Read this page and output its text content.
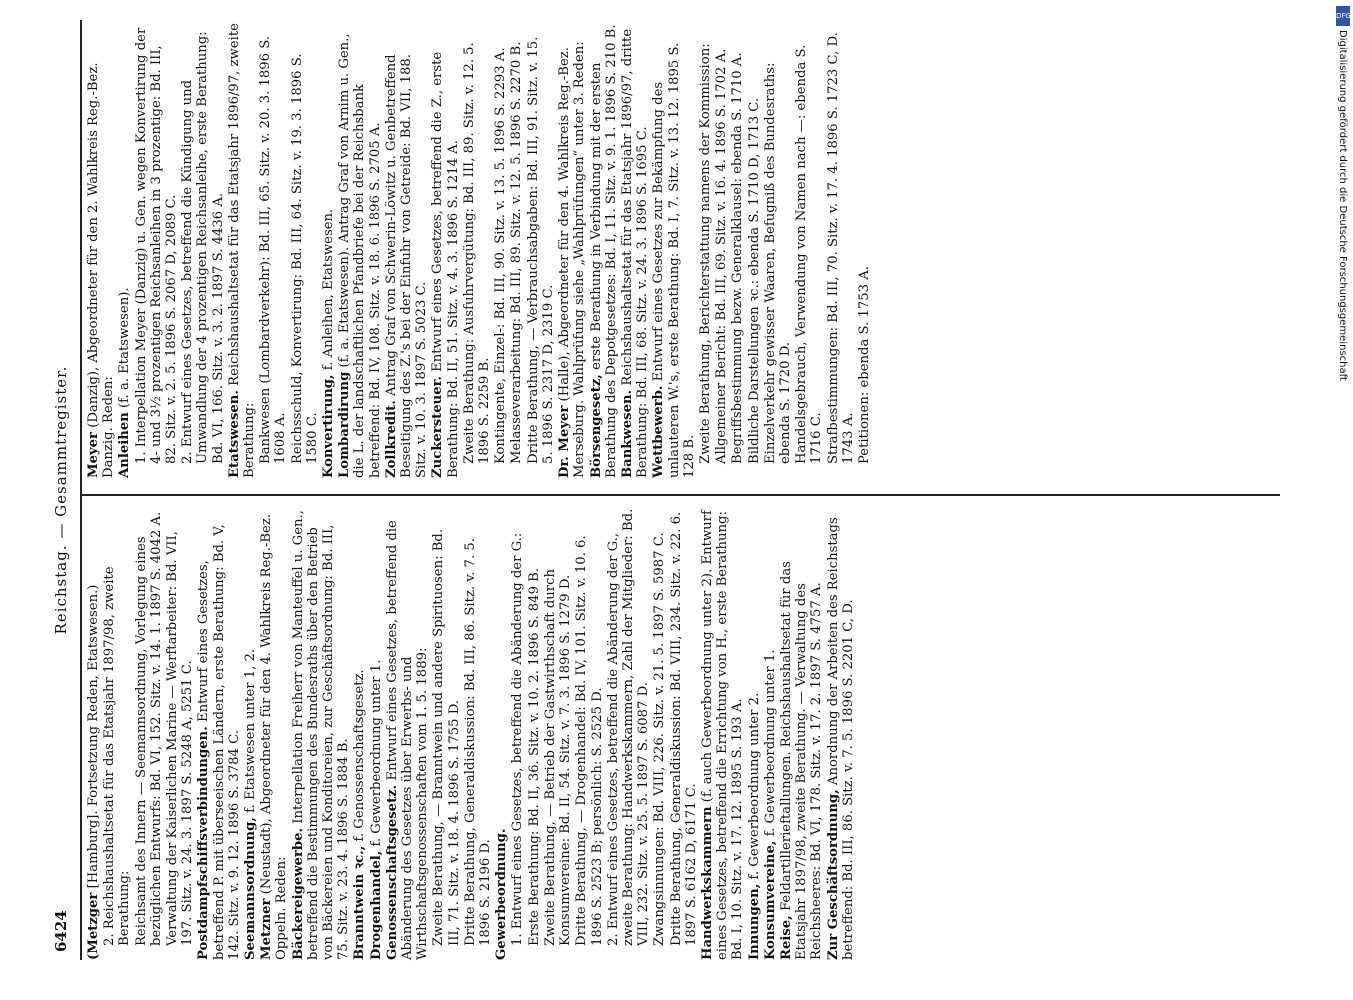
6424
Reichstag. — Gesammtregister.
(Metzger [Hamburg]. Fortsetzung Reden, Etatswesen.) 2. Reichshaushaltsetat für das Etatsjahr 1897/98, zweite Berathung: Reichsamt des Innern — Seemannsordnung, Vorlegung eines bezüglichen Entwurfs: Bd. VI, 152. Sitz. v. 14. 1. 1897 S. 4042 A. Verwaltung der Kaiserlichen Marine — Werftarbeiter: Bd. VII, 197. Sitz. v. 24. 3. 1897 S. 5248 A, 5251 C. Postdampfschiffsverbindungen. Entwurf eines Gesetzes, betreffend P. mit überseeischen Ländern, erste Berathung: Bd. V, 142. Sitz. v. 9. 12. 1896 S. 3784 C. Seemannsordnung, f. Etatswesen unter 1, 2.
Metzner (Neustadt), Abgeordneter für den 4. Wahlkreis Reg.-Bez. Oppeln. Reden: Bäckereigewerbe. Interpellation Freiherr von Manteuffel u. Gen., betreffend die Bestimmungen des Bundesraths über den Betrieb von Bäckereien und Konditoreien, zur Geschäftsordnung: Bd. III, 75. Sitz. v. 23. 4. 1896 S. 1884 B. Branntwein ꝛc., f. Genossenschaftsgesetz.
Drogenhandel, f. Gewerbeordnung unter 1.
Genossenschaftsgesetz. Entwurf eines Gesetzes, betreffend die Abänderung des Gesetzes über Erwerbs- und Wirthschaftsgenossenschaften vom 1. 5. 1889: Zweite Berathung, — Branntwein und andere Spirituosen: Bd. III, 71. Sitz. v. 18. 4. 1896 S. 1755 D. Dritte Berathung, Generaldiskussion: Bd. III, 86. Sitz. v. 7. 5. 1896 S. 2196 D. Gewerbeordnung. 1. Entwurf eines Gesetzes, betreffend die Abänderung der G.: Erste Berathung: Bd. II, 36. Sitz. v. 10. 2. 1896 S. 849 B. Zweite Berathung, — Betrieb der Gastwirthschaft durch Konsumvereine: Bd. II, 54. Sitz. v. 7. 3. 1896 S. 1279 D. Dritte Berathung, — Drogenhandel: Bd. IV, 101. Sitz. v. 10. 6. 1896 S. 2523 B; persönlich: S. 2525 D. 2. Entwurf eines Gesetzes, betreffend die Abänderung der G., zweite Berathung: Handwerkskammern, Zahl der Mitglieder: Bd. VIII, 232. Sitz. v. 25. 5. 1897 S. 6087 D. Zwangsinnungen: Bd. VIII, 226. Sitz. v. 21. 5. 1897 S. 5987 C. Dritte Berathung, Generaldiskussion: Bd. VIII, 234. Sitz. v. 22. 6. 1897 S. 6162 D, 6171 C. Handwerkskammern (f. auch Gewerbeordnung unter 2). Entwurf eines Gesetzes, betreffend die Errichtung von H., erste Berathung: Bd. I, 10. Sitz. v. 17. 12. 1895 S. 193 A. Innungen, f. Gewerbeordnung unter 2.
Konsumvereine, f. Gewerbeordnung unter 1.
Reise, Feldartillerieftallungen. Reichshaushaltsetat für das Etatsjahr 1897/98, zweite Berathung. — Verwaltung des Reichsheeres: Bd. VI, 178. Sitz. v. 17. 2. 1897 S. 4757 A. Zur Geschäftsordnung, Anordnung der Arbeiten des Reichstags betreffend: Bd. III, 86. Sitz. v. 7. 5. 1896 S. 2201 C, D.
Meyer (Danzig), Abgeordneter für den 2. Wahlkreis Reg.-Bez. Danzig. Reden: Anleihen (f. a. Etatswesen). 1. Interpellation Meyer (Danzig) u. Gen. wegen Konvertirung der 4- und 3½ prozentigen Reichsanleihen in 3 prozentige: Bd. III, 82. Sitz. v. 2. 5. 1896 S. 2067 D, 2089 C. 2. Entwurf eines Gesetzes, betreffend die Kündigung und Umwandlung der 4 prozentigen Reichsanleihe, erste Berathung: Bd. VI, 166. Sitz. v. 3. 2. 1897 S. 4436 A. Etatswesen. Reichshaushaltsetat für das Etatsjahr 1896/97, zweite Berathung: Bankwesen (Lombardverkehr): Bd. III, 65. Sitz. v. 20. 3. 1896 S. 1608 A. Reichsschuld, Konvertirung: Bd. III, 64. Sitz. v. 19. 3. 1896 S. 1580 C. Konvertirung, f. Anleihen, Etatswesen.
Lombardirung (f. a. Etatswesen). Antrag Graf von Arnim u. Gen., die L. der landschaftlichen Pfandbriefe bei der Reichsbank betreffend: Bd. IV, 108. Sitz. v. 18. 6. 1896 S. 2705 A. Zollkredit. Antrag Graf von Schwerin-Löwitz u. Genbetreffend Beseitigung des Z.'s bei der Einfuhr von Getreide: Bd. VII, 188. Sitz. v. 10. 3. 1897 S. 5023 C. Zuckersteuer. Entwurf eines Gesetzes, betreffend die Z., erste Berathung: Bd. II, 51. Sitz. v. 4. 3. 1896 S. 1214 A. Zweite Berathung: Ausfuhrvergütung: Bd. III, 89. Sitz. v. 12. 5. 1896 S. 2259 B. Kontingente, Einzel-: Bd. III, 90. Sitz. v. 13. 5. 1896 S. 2293 A. Melasseverarbeitung: Bd. III, 89. Sitz. v. 12. 5. 1896 S. 2270 B. Dritte Berathung, — Verbrauchsabgaben: Bd. III, 91. Sitz. v. 15. 5. 1896 S. 2317 D, 2319 C. Dr. Meyer (Halle), Abgeordneter für den 4. Wahlkreis Reg.-Bez. Merseburg. Wahlprüfung siehe „Wahlprüfungen“ unter 3. Reden: Börsengesetz, erste Berathung in Verbindung mit der ersten Berathung des Depotgesetzes: Bd. I, 11. Sitz. v. 9. 1. 1896 S. 210 B. Bankwesen. Reichshaushaltsetat für das Etatsjahr 1896/97, dritte Berathung: Bd. III, 68. Sitz. v. 24. 3. 1896 S. 1695 C. Wettbewerb. Entwurf eines Gesetzes zur Bekämpfung des unlauteren W.'s, erste Berathung: Bd. I, 7. Sitz. v. 13. 12. 1895 S. 128 B. Zweite Berathung, Berichterstattung namens der Kommission: Allgemeiner Bericht: Bd. III, 69. Sitz. v. 16. 4. 1896 S. 1702 A. Begriffsbestimmung bezw. Generalklausel: ebenda S. 1710 A. Bildliche Darstellungen ꝛc.: ebenda S. 1710 D, 1713 C. Einzelverkehr gewisser Waaren, Befugniß des Bundesraths: ebenda S. 1720 D. Handelsgebrauch, Verwendung von Namen nach —: ebenda S. 1716 C. Strafbestimmungen: Bd. III, 70. Sitz. v. 17. 4. 1896 S. 1723 C, D. 1743 A. Petitionen: ebenda S. 1753 A.
DFG
Digitalisierung gefördert durch die Deutsche Forschungsgemeinschaft
